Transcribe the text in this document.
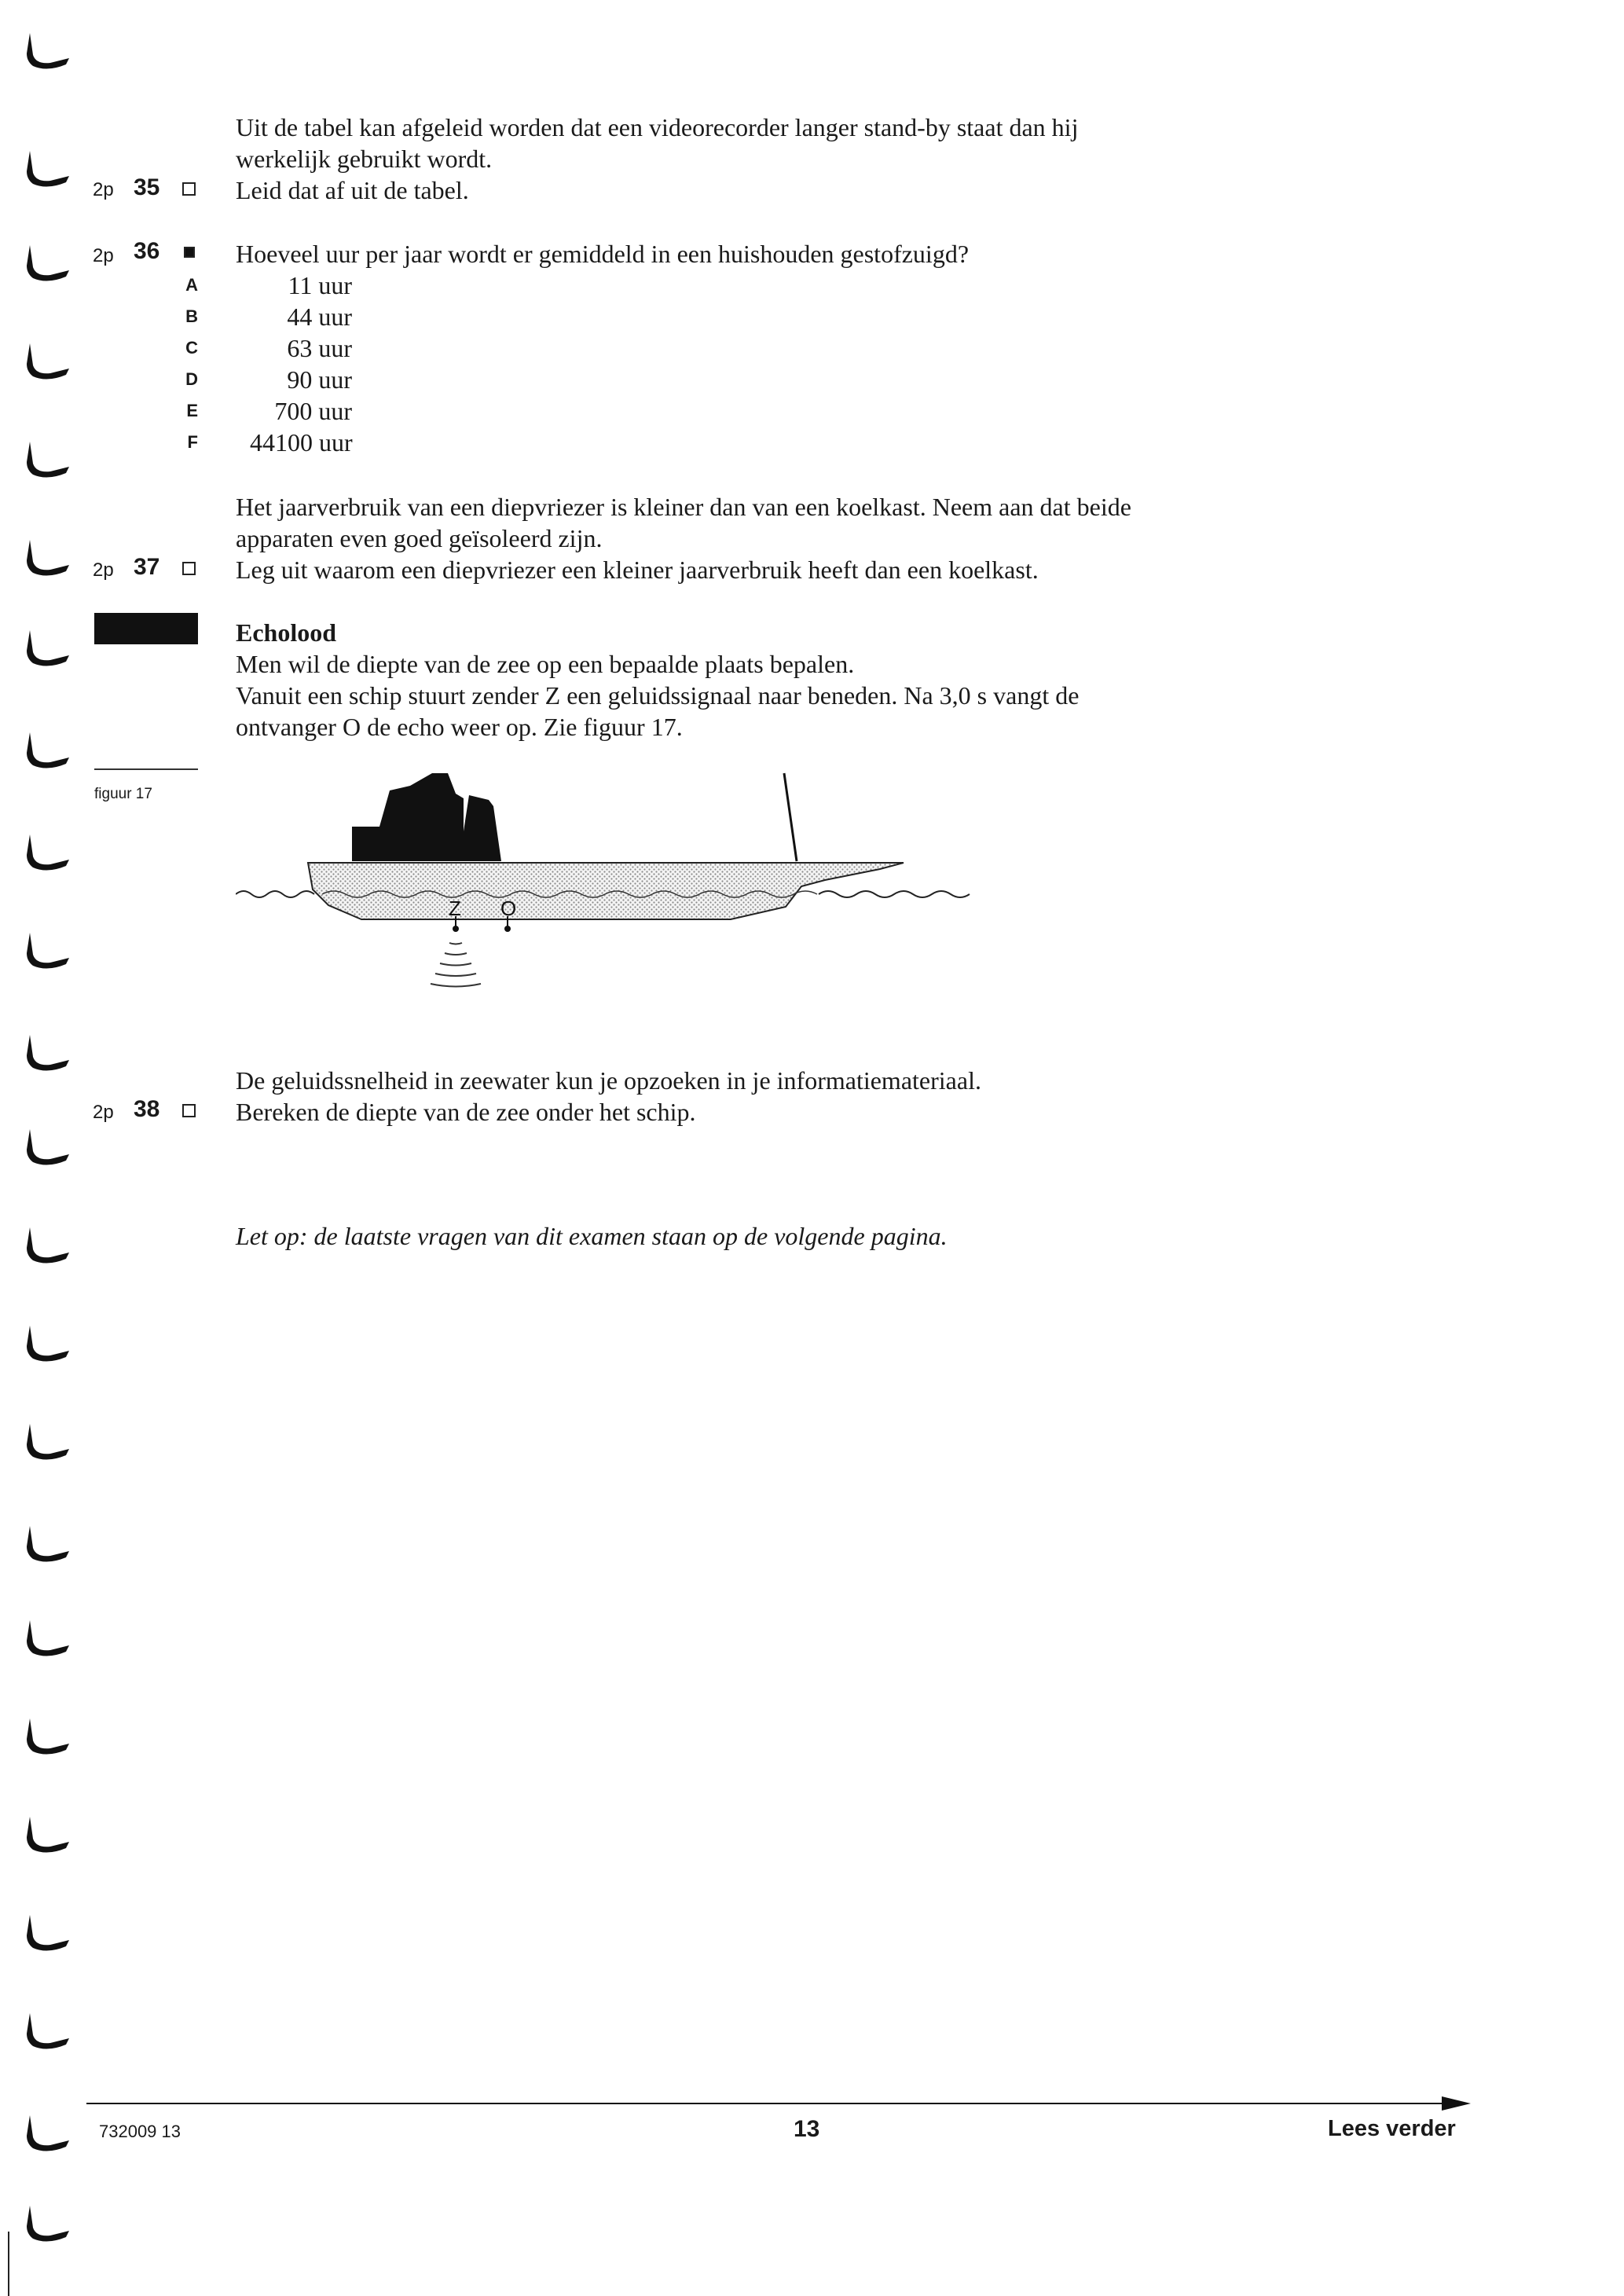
Uit de tabel kan afgeleid worden dat een videorecorder langer stand-by staat dan hij
werkelijk gebruikt wordt.
2p 35	Leid dat af uit de tabel.
2p 36	Hoeveel uur per jaar wordt er gemiddeld in een huishouden gestofzuigd?
A	11 uur
B	44 uur
C	63 uur
D	90 uur
E	700 uur
F 44100 uur
Het jaarverbruik van een diepvriezer is kleiner dan van een koelkast. Neem aan dat beide
apparaten even goed geïsoleerd zijn.
2p 37	Leg uit waarom een diepvriezer een kleiner jaarverbruik heeft dan een koelkast.
Echolood
Men wil de diepte van de zee op een bepaalde plaats bepalen.
Vanuit een schip stuurt zender Z een geluidssignaal naar beneden. Na 3,0 s vangt de
ontvanger O de echo weer op. Zie figuur 17.
figuur 17
Z O
De geluidssnelheid in zeewater kun je opzoeken in je informatiemateriaal.
2p 38	Bereken de diepte van de zee onder het schip.
Let op: de laatste vragen van dit examen staan op de volgende pagina.
732009 13	13	Lees verder
